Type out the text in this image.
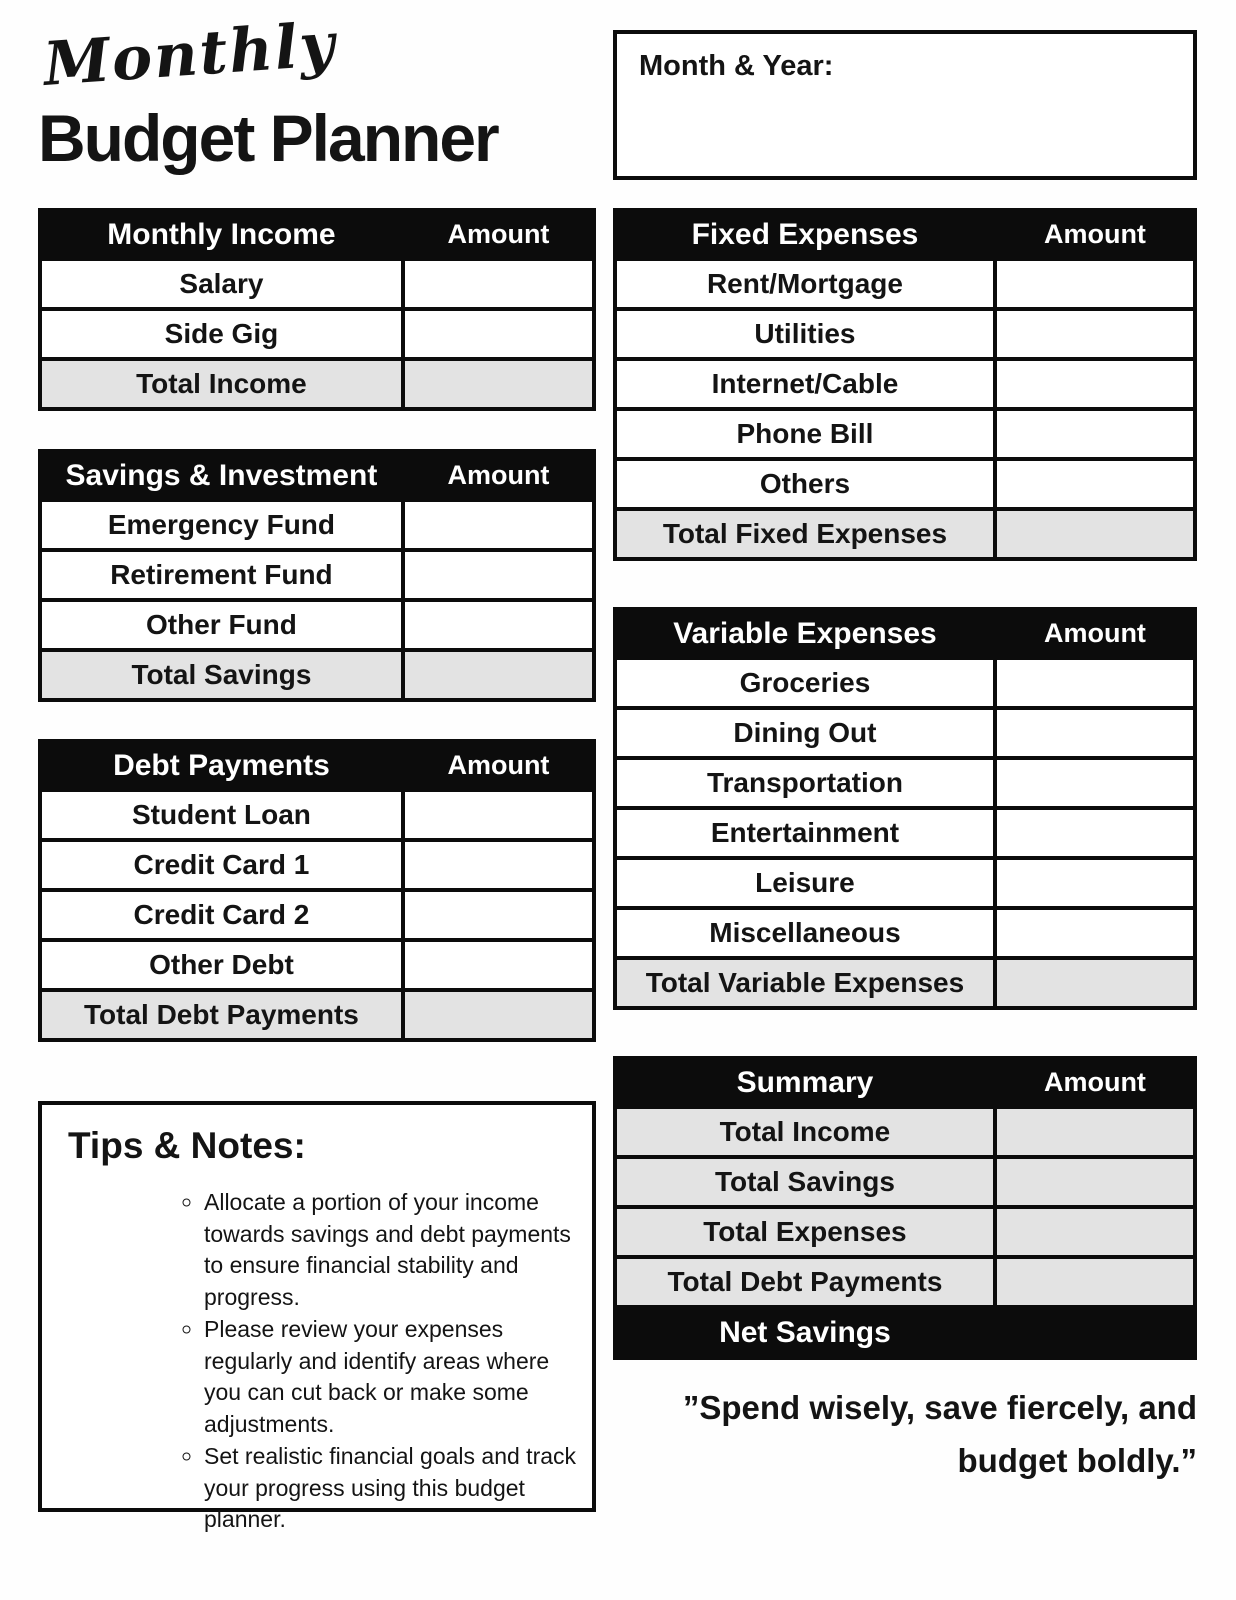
Monthly
Budget Planner
Monthly Income	Amount
Salary	
Side Gig	
Total Income	
Savings & Investment	Amount
Emergency Fund	
Retirement Fund	
Other Fund	
Total Savings	
Debt Payments	Amount
Student Loan	
Credit Card 1	
Credit Card 2	
Other Debt	
Total Debt Payments	
Tips & Notes:
◦ Allocate a portion of your income towards savings and debt payments to ensure financial stability and progress.
◦ Please review your expenses regularly and identify areas where you can cut back or make some adjustments.
◦ Set realistic financial goals and track your progress using this budget planner.
Month & Year:
Fixed Expenses	Amount
Rent/Mortgage	
Utilities	
Internet/Cable	
Phone Bill	
Others	
Total Fixed Expenses	
Variable Expenses	Amount
Groceries	
Dining Out	
Transportation	
Entertainment	
Leisure	
Miscellaneous	
Total Variable Expenses	
Summary	Amount
Total Income	
Total Savings	
Total Expenses	
Total Debt Payments	
Net Savings	
”Spend wisely, save fiercely, and
budget boldly.”
